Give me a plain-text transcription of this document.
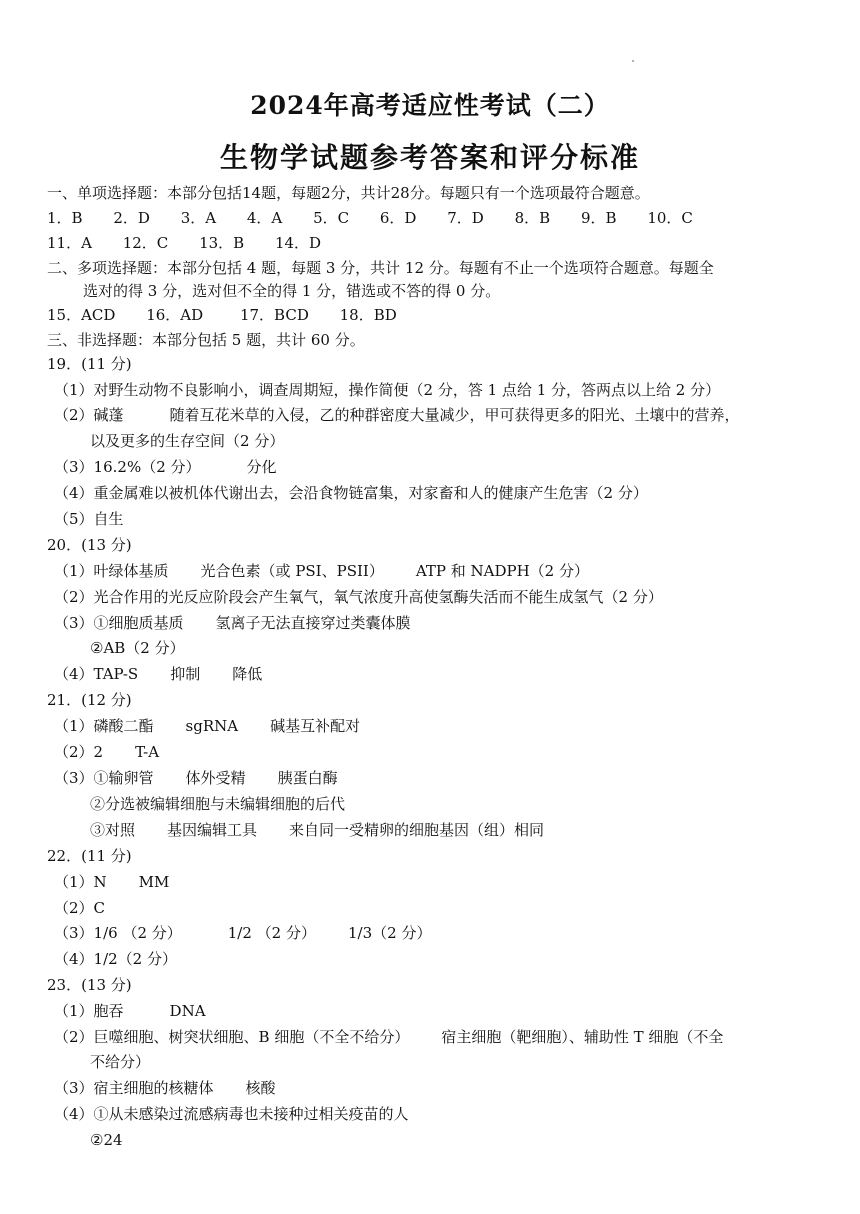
2024年高考适应性考试（二）
生物学试题参考答案和评分标准
一、单项选择题：本部分包括14题，每题2分，共计28分。每题只有一个选项最符合题意。
1．B 2．D 3．A 4．A 5．C 6．D 7．D 8．B 9．B 10．C
11．A 12．C 13．B 14．D
二、多项选择题：本部分包括 4 题，每题 3 分，共计 12 分。每题有不止一个选项符合题意。每题全
选对的得 3 分，选对但不全的得 1 分，错选或不答的得 0 分。
15．ACD 16．AD 17．BCD 18．BD
三、非选择题：本部分包括 5 题，共计 60 分。
19．(11 分)
（1）对野生动物不良影响小，调查周期短，操作简便（2 分，答 1 点给 1 分，答两点以上给 2 分）
（2）碱蓬	随着互花米草的入侵，乙的种群密度大量减少，甲可获得更多的阳光、土壤中的营养，
以及更多的生存空间（2 分）
（3）16.2%（2 分）	分化
（4）重金属难以被机体代谢出去，会沿食物链富集，对家畜和人的健康产生危害（2 分）
（5）自生
20．(13 分)
（1）叶绿体基质 光合色素（或 PSI、PSII） ATP 和 NADPH（2 分）
（2）光合作用的光反应阶段会产生氧气，氧气浓度升高使氢酶失活而不能生成氢气（2 分）
（3）①细胞质基质 氢离子无法直接穿过类囊体膜
②AB（2 分）
（4）TAP-S 抑制 降低
21．(12 分)
（1）磷酸二酯 sgRNA 碱基互补配对
（2）2 T-A
（3）①输卵管 体外受精 胰蛋白酶
②分选被编辑细胞与未编辑细胞的后代
③对照 基因编辑工具 来自同一受精卵的细胞基因（组）相同
22．(11 分)
（1）N MM
（2）C
（3）1/6 （2 分）	1/2 （2 分） 1/3（2 分）
（4）1/2（2 分）
23．(13 分)
（1）胞吞	DNA
（2）巨噬细胞、树突状细胞、B 细胞（不全不给分） 宿主细胞（靶细胞）、辅助性 T 细胞（不全
不给分）
（3）宿主细胞的核糖体 核酸
（4）①从未感染过流感病毒也未接种过相关疫苗的人
②24
